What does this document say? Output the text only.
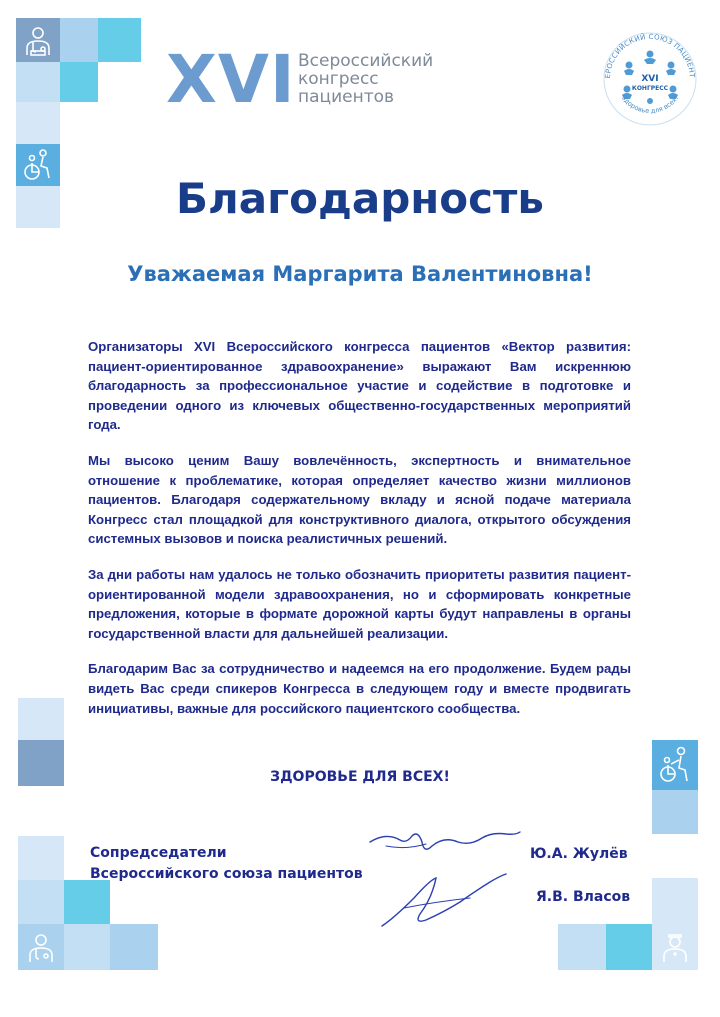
XVI Всероссийский
конгресс
пациентов
ЕРОССИЙСКИЙ СОЮЗ ПАЦИЕНТ
XVI
КОНГРЕСС
Здоровье для всех!
Благодарность
Уважаемая Маргарита Валентиновна!

Организаторы XVI Всероссийского конгресса пациентов «Вектор развития: пациент-ориентированное здравоохранение» выражают Вам искреннюю благодарность за профессиональное участие и содействие в подготовке и проведении одного из ключевых общественно-государственных мероприятий года.

Мы высоко ценим Вашу вовлечённость, экспертность и внимательное отношение к проблематике, которая определяет качество жизни миллионов пациентов. Благодаря содержательному вкладу и ясной подаче материала Конгресс стал площадкой для конструктивного диалога, открытого обсуждения системных вызовов и поиска реалистичных решений.

За дни работы нам удалось не только обозначить приоритеты развития пациент-ориентированной модели здравоохранения, но и сформировать конкретные предложения, которые в формате дорожной карты будут направлены в органы государственной власти для дальнейшей реализации.

Благодарим Вас за сотрудничество и надеемся на его продолжение. Будем рады видеть Вас среди спикеров Конгресса в следующем году и вместе продвигать инициативы, важные для российского пациентского сообщества.

ЗДОРОВЬЕ ДЛЯ ВСЕХ!
Сопредседатели
Всероссийского союза пациентов
Ю.А. Жулёв
Я.В. Власов
